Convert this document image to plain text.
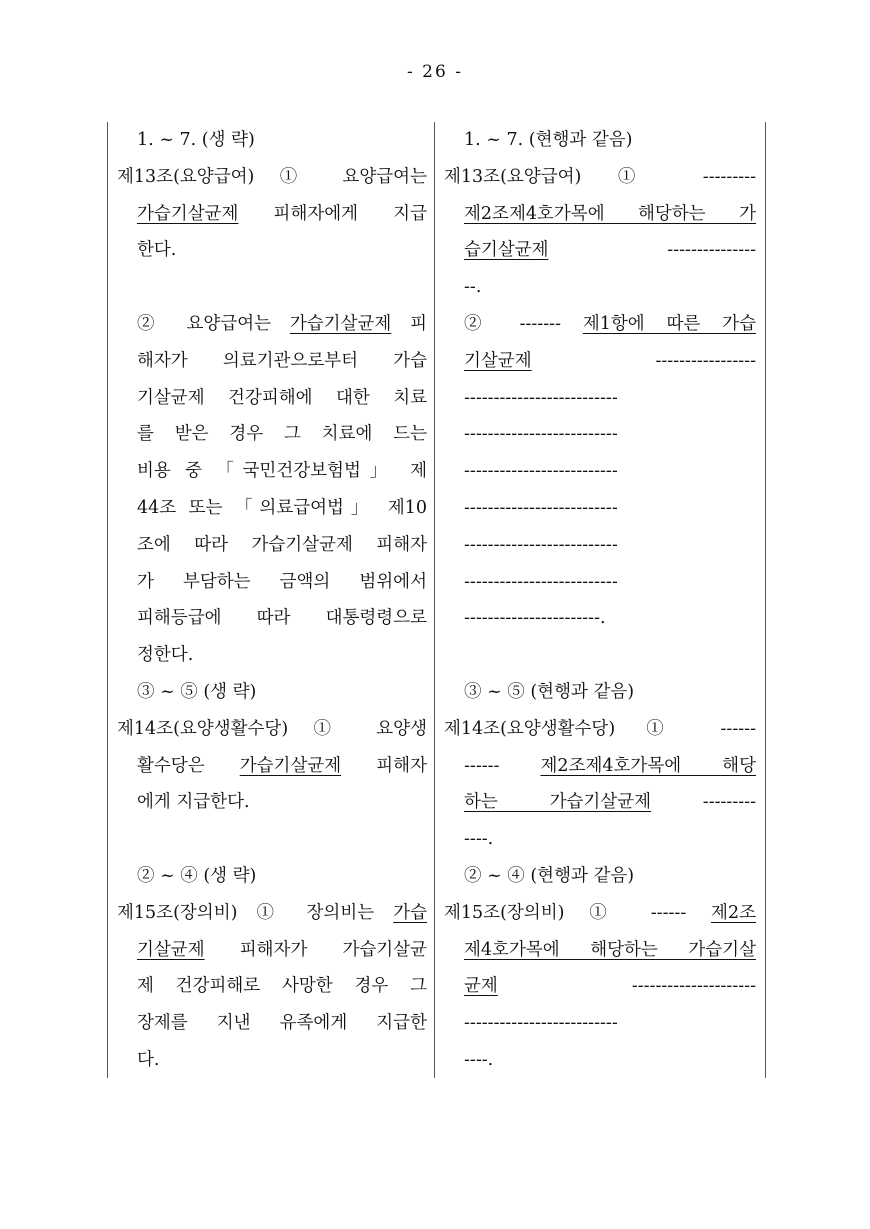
- 26 -
1. ~ 7. (생 략)
제13조(요양급여) ① 요양급여는
가습기살균제 피해자에게 지급
한다.
② 요양급여는 가습기살균제 피
해자가 의료기관으로부터 가습
기살균제 건강피해에 대한 치료
를 받은 경우 그 치료에 드는
비용 중 「국민건강보험법」 제
44조 또는 「의료급여법」 제10
조에 따라 가습기살균제 피해자
가 부담하는 금액의 범위에서
피해등급에 따라 대통령령으로
정한다.
③ ~ ⑤ (생 략)
제14조(요양생활수당) ① 요양생
활수당은 가습기살균제 피해자
에게 지급한다.
② ~ ④ (생 략)
제15조(장의비) ① 장의비는 가습
기살균제 피해자가 가습기살균
제 건강피해로 사망한 경우 그
장제를 지낸 유족에게 지급한
다.
1. ~ 7. (현행과 같음)
제13조(요양급여) ① ---------
제2조제4호가목에 해당하는 가
습기살균제 ---------------
--.
② ------- 제1항에 따른 가습
기살균제 -----------------
--------------------------
--------------------------
--------------------------
--------------------------
--------------------------
--------------------------
-----------------------.
③ ~ ⑤ (현행과 같음)
제14조(요양생활수당) ① ------
------ 제2조제4호가목에 해당
하는 가습기살균제 ---------
----.
② ~ ④ (현행과 같음)
제15조(장의비) ① ------ 제2조
제4호가목에 해당하는 가습기살
균제 ---------------------
--------------------------
----.
